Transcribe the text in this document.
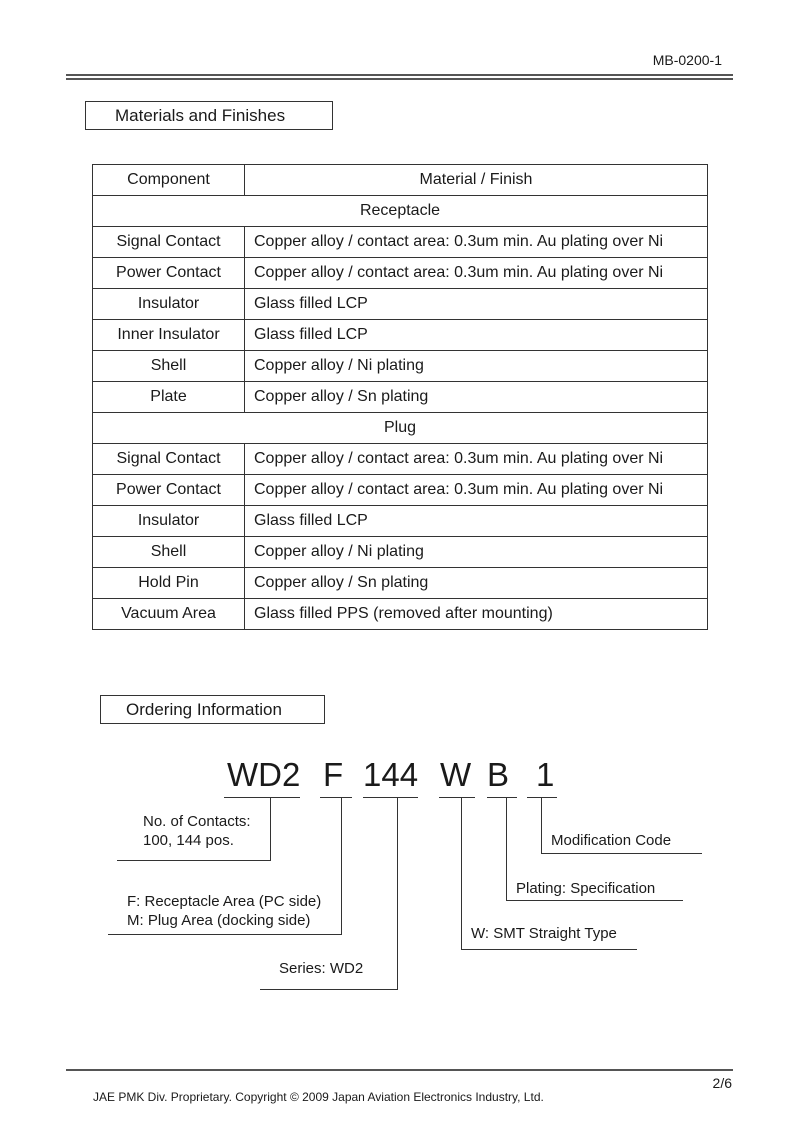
MB-0200-1
Materials and Finishes
Component	Material / Finish
Receptacle	
Signal Contact	Copper alloy / contact area: 0.3um min. Au plating over Ni
Power Contact	Copper alloy / contact area: 0.3um min. Au plating over Ni
Insulator	Glass filled LCP
Inner Insulator	Glass filled LCP
Shell	Copper alloy / Ni plating
Plate	Copper alloy / Sn plating
Plug	
Signal Contact	Copper alloy / contact area: 0.3um min. Au plating over Ni
Power Contact	Copper alloy / contact area: 0.3um min. Au plating over Ni
Insulator	Glass filled LCP
Shell	Copper alloy / Ni plating
Hold Pin	Copper alloy / Sn plating
Vacuum Area	Glass filled PPS (removed after mounting)
Ordering Information
WD2 F 144 W B 1
No. of Contacts:
100, 144 pos.	Modification Code
Plating: Specification
F: Receptacle Area (PC side)
M: Plug Area (docking side)
W: SMT Straight Type
Series: WD2
2/6
JAE PMK Div. Proprietary. Copyright © 2009 Japan Aviation Electronics Industry, Ltd.
